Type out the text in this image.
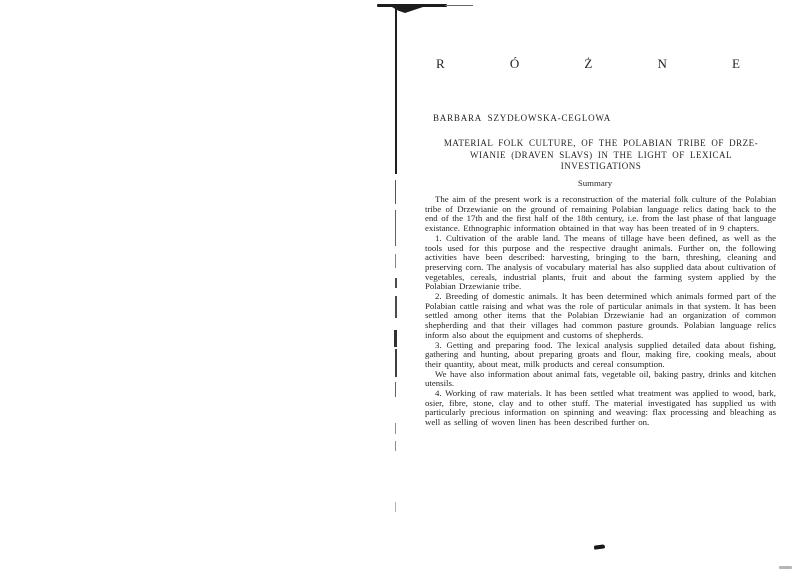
R	Ó	Ż	N	E
BARBARA SZYDŁOWSKA-CEGLOWA
MATERIAL FOLK CULTURE, OF THE POLABIAN TRIBE OF DRZE-
WIANIE (DRAVEN SLAVS) IN THE LIGHT OF LEXICAL
INVESTIGATIONS
Summary

The aim of the present work is a reconstruction of the material folk culture of the Polabian tribe of Drzewianie on the ground of remaining Polabian language relics dating back to the end of the 17th and the first half of the 18th century, i.e. from the last phase of that language existance. Ethnographic information obtained in that way has been treated of in 9 chapters.

1. Cultivation of the arable land. The means of tillage have been defined, as well as the tools used for this purpose and the respective draught animals. Further on, the following activities have been described: harvesting, bringing to the barn, threshing, cleaning and preserving corn. The analysis of vocabulary material has also supplied data about cultivation of vegetables, cereals, industrial plants, fruit and about the farming system applied by the Polabian Drzewianie tribe.

2. Breeding of domestic animals. It has been determined which animals formed part of the Polabian cattle raising and what was the role of particular animals in that system. It has been settled among other items that the Polabian Drzewianie had an organization of common shepherding and that their villages had common pasture grounds. Polabian language relics inform also about the equipment and customs of shepherds.

3. Getting and preparing food. The lexical analysis supplied detailed data about fishing, gathering and hunting, about preparing groats and flour, making fire, cooking meals, about their quantity, about meat, milk products and cereal consumption.

We have also information about animal fats, vegetable oil, baking pastry, drinks and kitchen utensils.

4. Working of raw materials. It has been settled what treatment was applied to wood, bark, osier, fibre, stone, clay and to other stuff. The material investigated has supplied us with particularly precious information on spinning and weaving: flax processing and bleaching as well as selling of woven linen has been described further on.
